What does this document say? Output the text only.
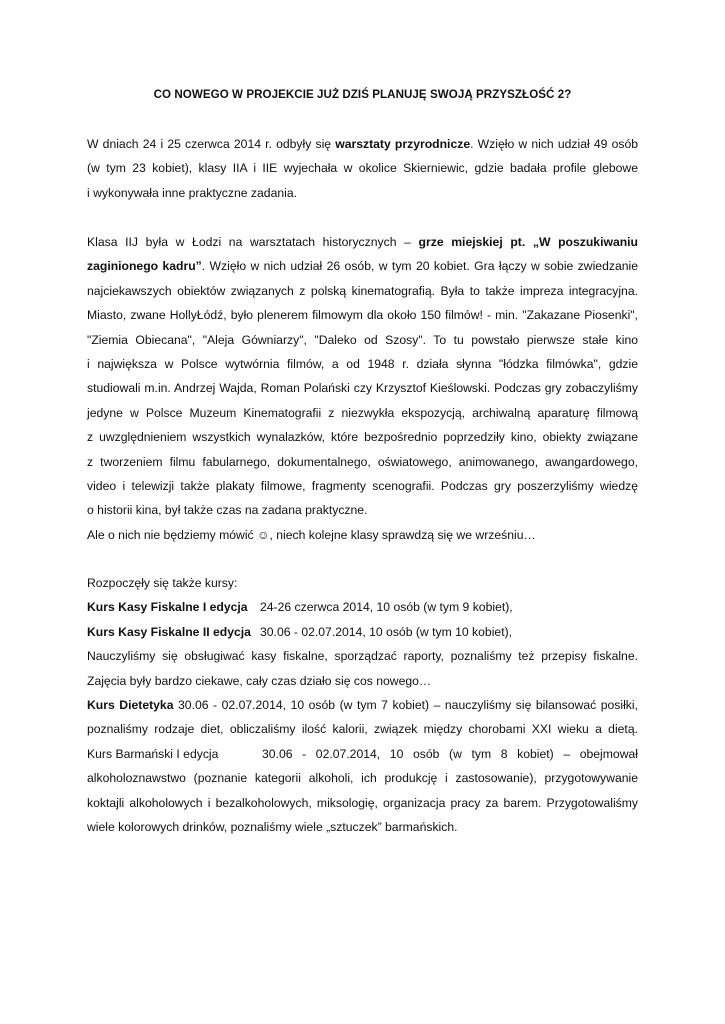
CO NOWEGO W PROJEKCIE JUŻ DZIŚ PLANUJĘ SWOJĄ PRZYSZŁOŚĆ 2?
W dniach 24 i 25 czerwca 2014 r. odbyły się warsztaty przyrodnicze. Wzięło w nich udział 49 osób
(w tym 23 kobiet), klasy IIA i IIE wyjechała w okolice Skierniewic, gdzie badała profile glebowe
i wykonywała inne praktyczne zadania.
Klasa IIJ była w Łodzi na warsztatach historycznych – grze miejskiej pt. „W poszukiwaniu
zaginionego kadru”. Wzięło w nich udział 26 osób, w tym 20 kobiet. Gra łączy w sobie zwiedzanie
najciekawszych obiektów związanych z polską kinematografią. Była to także impreza integracyjna.
Miasto, zwane HollyŁódź, było plenerem filmowym dla około 150 filmów! - min. "Zakazane Piosenki",
"Ziemia Obiecana", "Aleja Gówniarzy", "Daleko od Szosy". To tu powstało pierwsze stałe kino
i największa w Polsce wytwórnia filmów, a od 1948 r. działa słynna "łódzka filmówka", gdzie
studiowali m.in. Andrzej Wajda, Roman Polański czy Krzysztof Kieślowski. Podczas gry zobaczyliśmy
jedyne w Polsce Muzeum Kinematografii z niezwykła ekspozycją, archiwalną aparaturę filmową
z uwzględnieniem wszystkich wynalazków, które bezpośrednio poprzedziły kino, obiekty związane
z tworzeniem filmu fabularnego, dokumentalnego, oświatowego, animowanego, awangardowego,
video i telewizji także plakaty filmowe, fragmenty scenografii. Podczas gry poszerzyliśmy wiedzę
o historii kina, był także czas na zadana praktyczne.
Ale o nich nie będziemy mówić ☺, niech kolejne klasy sprawdzą się we wrześniu…
Rozpoczęły się także kursy:
Kurs Kasy Fiskalne I edycja 24-26 czerwca 2014, 10 osób (w tym 9 kobiet),
Kurs Kasy Fiskalne II edycja 30.06 - 02.07.2014, 10 osób (w tym 10 kobiet),
Nauczyliśmy się obsługiwać kasy fiskalne, sporządzać raporty, poznaliśmy też przepisy fiskalne.
Zajęcia były bardzo ciekawe, cały czas działo się cos nowego…
Kurs Dietetyka 30.06 - 02.07.2014, 10 osób (w tym 7 kobiet) – nauczyliśmy się bilansować posiłki,
poznaliśmy rodzaje diet, obliczaliśmy ilość kalorii, związek między chorobami XXI wieku a dietą.
Kurs Barmański I edycja	30.06 - 02.07.2014, 10 osób (w tym 8 kobiet) – obejmował
alkoholoznawstwo (poznanie kategorii alkoholi, ich produkcję i zastosowanie), przygotowywanie
koktajli alkoholowych i bezalkoholowych, miksologię, organizacja pracy za barem. Przygotowaliśmy
wiele kolorowych drinków, poznaliśmy wiele „sztuczek” barmańskich.
